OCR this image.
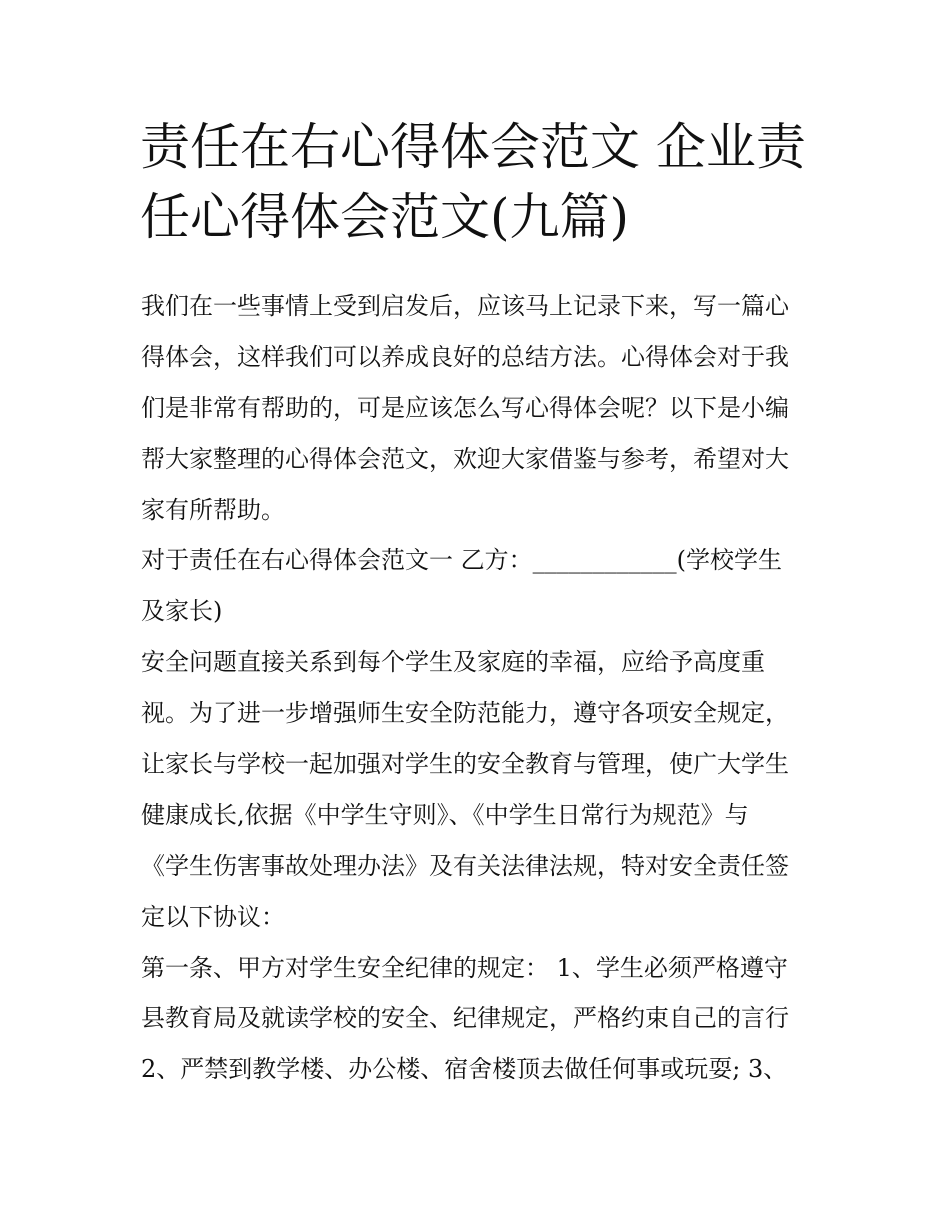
责任在右心得体会范文 企业责
任心得体会范文(九篇)
我们在一些事情上受到启发后，应该马上记录下来，写一篇心
得体会，这样我们可以养成良好的总结方法。心得体会对于我
们是非常有帮助的，可是应该怎么写心得体会呢？以下是小编
帮大家整理的心得体会范文，欢迎大家借鉴与参考，希望对大
家有所帮助。
对于责任在右心得体会范文一 乙方：____________(学校学生
及家长)
安全问题直接关系到每个学生及家庭的幸福，应给予高度重
视。为了进一步增强师生安全防范能力，遵守各项安全规定，
让家长与学校一起加强对学生的安全教育与管理，使广大学生
健康成长,依据《中学生守则》、《中学生日常行为规范》与
《学生伤害事故处理办法》及有关法律法规，特对安全责任签
定以下协议：
第一条、甲方对学生安全纪律的规定： 1、学生必须严格遵守
县教育局及就读学校的安全、纪律规定，严格约束自己的言行
2、严禁到教学楼、办公楼、宿舍楼顶去做任何事或玩耍; 3、
